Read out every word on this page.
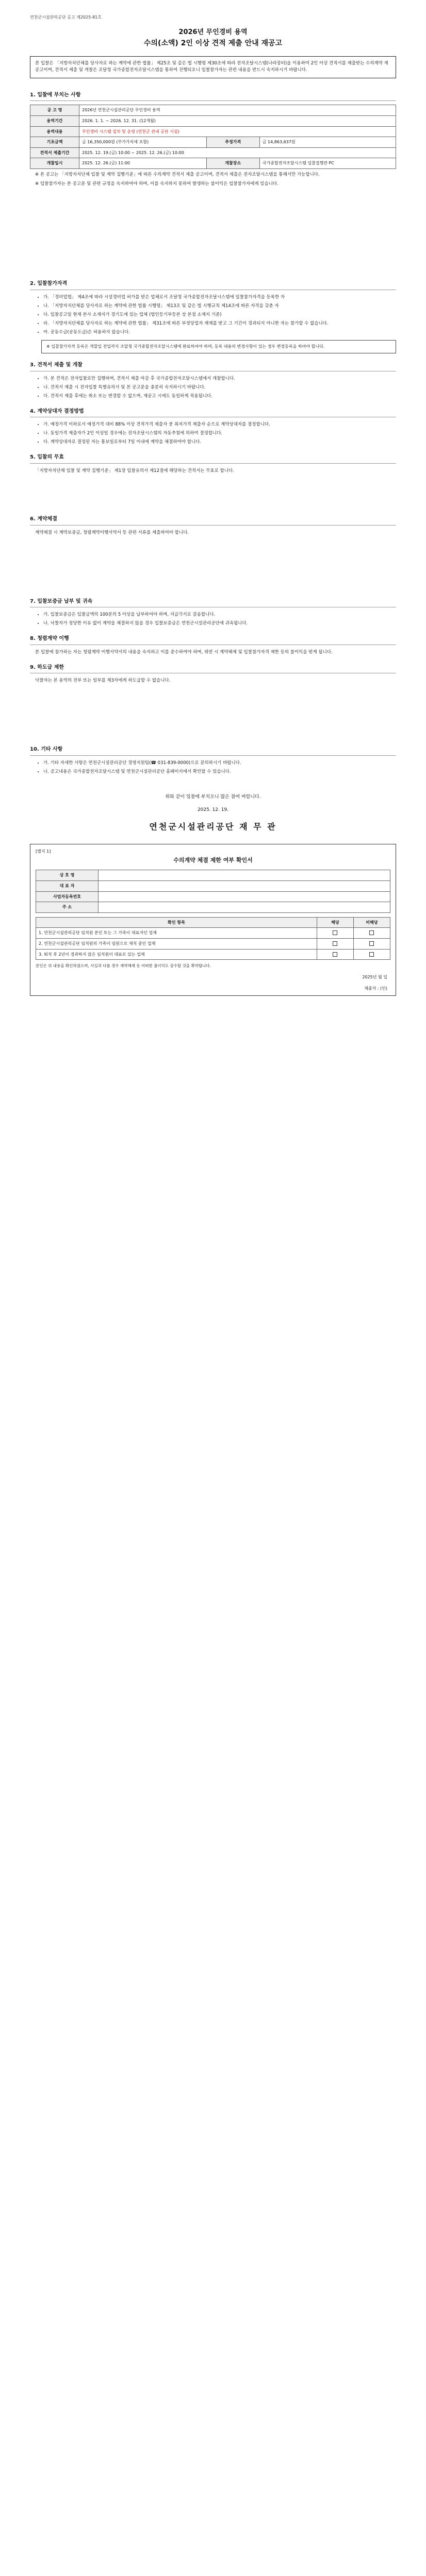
연천군시설관리공단 공고 제2025-81호
2026년 무인경비 용역
수의(소액) 2인 이상 견적 제출 안내 재공고
본 입찰은 「지방자치단체를 당사자로 하는 계약에 관한 법률」 제25조 및 같은 법 시행령 제30조에 따라 전자조달시스템(나라장터)을 이용하여 2인 이상 견적서를 제출받는 수의계약 재공고이며, 견적서 제출 및 개찰은 조달청 국가종합전자조달시스템을 통하여 진행되오니 입찰참가자는 관련 내용을 반드시 숙지하시기 바랍니다.
1. 입찰에 부치는 사항
공 고 명	2026년 연천군시설관리공단 무인경비 용역		
용역기간	2026. 1. 1. ~ 2026. 12. 31. (12개월)		
용역내용	무인경비 시스템 설치 및 운영 (연천군 관내 공단 시설)		
기초금액	금 16,350,000원 (부가가치세 포함)	추정가격	금 14,863,637원
견적서 제출기간	2025. 12. 19.(금) 10:00 ~ 2025. 12. 26.(금) 10:00		
개찰일시	2025. 12. 26.(금) 11:00	개찰장소	국가종합전자조달시스템 입찰집행관 PC
※ 본 공고는 「지방자치단체 입찰 및 계약 집행기준」에 따른 수의계약 견적서 제출 공고이며, 견적서 제출은 전자조달시스템을 통해서만 가능합니다.
※ 입찰참가자는 본 공고문 및 관련 규정을 숙지하여야 하며, 이를 숙지하지 못하여 발생하는 불이익은 입찰참가자에게 있습니다.
2. 입찰참가자격
• 가. 「경비업법」 제4조에 따라 시설경비업 허가를 받은 업체로서 조달청 국가종합전자조달시스템에 입찰참가자격을 등록한 자
• 나. 「지방자치단체를 당사자로 하는 계약에 관한 법률 시행령」 제13조 및 같은 법 시행규칙 제14조에 따른 자격을 갖춘 자
• 다. 입찰공고일 현재 본사 소재지가 경기도에 있는 업체 (법인등기부등본 상 본점 소재지 기준)
• 라. 「지방자치단체를 당사자로 하는 계약에 관한 법률」 제31조에 따른 부정당업자 제재를 받고 그 기간이 경과되지 아니한 자는 참가할 수 없습니다.
• 마. 공동수급(공동도급)은 허용하지 않습니다.
※ 입찰참가자격 등록은 개찰일 전일까지 조달청 국가종합전자조달시스템에 완료하여야 하며, 등록 내용의 변경사항이 있는 경우 변경등록을 하여야 합니다.
3. 견적서 제출 및 개찰
• 가. 본 견적은 전자입찰로만 집행하며, 견적서 제출 마감 후 국가종합전자조달시스템에서 개찰합니다.
• 나. 견적서 제출 시 전자입찰 특별유의서 및 본 공고문을 충분히 숙지하시기 바랍니다.
• 다. 견적서 제출 후에는 취소 또는 변경할 수 없으며, 재공고 시에도 동일하게 적용됩니다.
4. 계약상대자 결정방법
• 가. 예정가격 이하로서 예정가격 대비 88% 이상 견적가격 제출자 중 최저가격 제출자 순으로 계약상대자를 결정합니다.
• 나. 동일가격 제출자가 2인 이상일 경우에는 전자조달시스템의 자동추첨에 의하여 결정합니다.
• 다. 계약상대자로 결정된 자는 통보일로부터 7일 이내에 계약을 체결하여야 합니다.
5. 입찰의 무효
「지방자치단체 입찰 및 계약 집행기준」 제1장 입찰유의서 제12절에 해당하는 견적서는 무효로 합니다.
6. 계약체결
계약체결 시 계약보증금, 청렴계약이행서약서 등 관련 서류를 제출하여야 합니다.
7. 입찰보증금 납부 및 귀속
• 가. 입찰보증금은 입찰금액의 100분의 5 이상을 납부하여야 하며, 지급각서로 갈음합니다.
• 나. 낙찰자가 정당한 이유 없이 계약을 체결하지 않을 경우 입찰보증금은 연천군시설관리공단에 귀속됩니다.
8. 청렴계약 이행
본 입찰에 참가하는 자는 청렴계약 이행서약서의 내용을 숙지하고 이를 준수하여야 하며, 위반 시 계약해제 및 입찰참가자격 제한 등의 불이익을 받게 됩니다.
9. 하도급 제한
낙찰자는 본 용역의 전부 또는 일부를 제3자에게 하도급할 수 없습니다.
10. 기타 사항
• 가. 기타 자세한 사항은 연천군시설관리공단 경영지원팀(☎ 031-839-0000)으로 문의하시기 바랍니다.
• 나. 공고내용은 국가종합전자조달시스템 및 연천군시설관리공단 홈페이지에서 확인할 수 있습니다.
위와 같이 입찰에 부치오니 많은 참여 바랍니다.
2025. 12. 19.
연천군시설관리공단 재 무 관
[별지 1]
수의계약 체결 제한 여부 확인서
상 호 명	
대 표 자	
사업자등록번호	
주 소	
확인 항목	해당	비해당
1. 연천군시설관리공단 임직원 본인 또는 그 가족이 대표자인 업체		
2. 연천군시설관리공단 임직원의 가족이 임원으로 재직 중인 업체		
3. 퇴직 후 2년이 경과하지 않은 임직원이 대표로 있는 업체		
본인은 위 내용을 확인하였으며, 사실과 다를 경우 계약해제 등 어떠한 불이익도 감수할 것을 확약합니다.
2025년 월 일
제출자 : (인)
